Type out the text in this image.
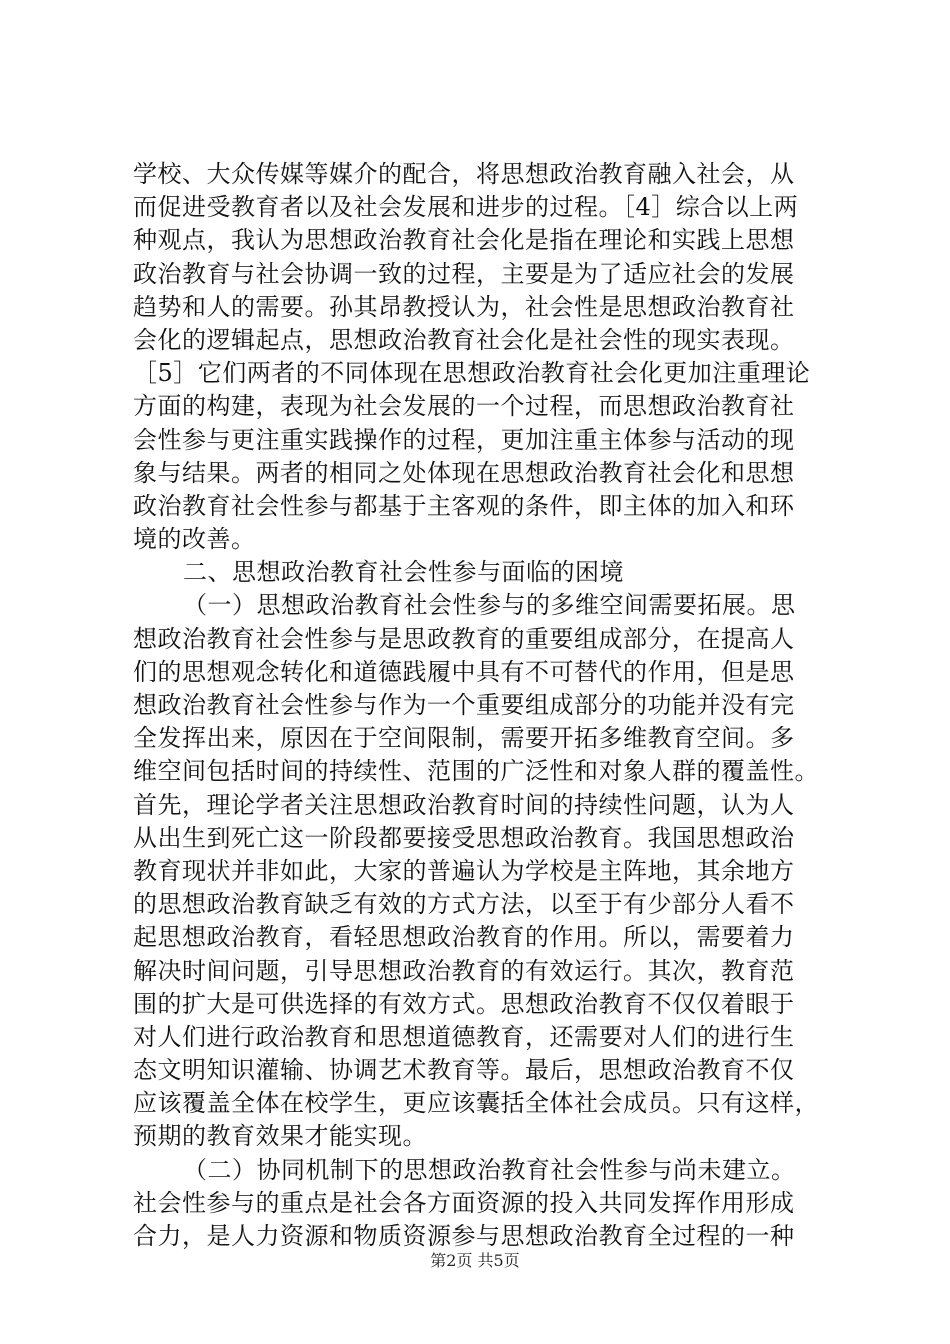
学校、大众传媒等媒介的配合，将思想政治教育融入社会，从
而促进受教育者以及社会发展和进步的过程。［4］综合以上两
种观点，我认为思想政治教育社会化是指在理论和实践上思想
政治教育与社会协调一致的过程，主要是为了适应社会的发展
趋势和人的需要。孙其昂教授认为，社会性是思想政治教育社
会化的逻辑起点，思想政治教育社会化是社会性的现实表现。
［5］它们两者的不同体现在思想政治教育社会化更加注重理论
方面的构建，表现为社会发展的一个过程，而思想政治教育社
会性参与更注重实践操作的过程，更加注重主体参与活动的现
象与结果。两者的相同之处体现在思想政治教育社会化和思想
政治教育社会性参与都基于主客观的条件，即主体的加入和环
境的改善。
二、思想政治教育社会性参与面临的困境
（一）思想政治教育社会性参与的多维空间需要拓展。思
想政治教育社会性参与是思政教育的重要组成部分，在提高人
们的思想观念转化和道德践履中具有不可替代的作用，但是思
想政治教育社会性参与作为一个重要组成部分的功能并没有完
全发挥出来，原因在于空间限制，需要开拓多维教育空间。多
维空间包括时间的持续性、范围的广泛性和对象人群的覆盖性。
首先，理论学者关注思想政治教育时间的持续性问题，认为人
从出生到死亡这一阶段都要接受思想政治教育。我国思想政治
教育现状并非如此，大家的普遍认为学校是主阵地，其余地方
的思想政治教育缺乏有效的方式方法，以至于有少部分人看不
起思想政治教育，看轻思想政治教育的作用。所以，需要着力
解决时间问题，引导思想政治教育的有效运行。其次，教育范
围的扩大是可供选择的有效方式。思想政治教育不仅仅着眼于
对人们进行政治教育和思想道德教育，还需要对人们的进行生
态文明知识灌输、协调艺术教育等。最后，思想政治教育不仅
应该覆盖全体在校学生，更应该囊括全体社会成员。只有这样，
预期的教育效果才能实现。
（二）协同机制下的思想政治教育社会性参与尚未建立。
社会性参与的重点是社会各方面资源的投入共同发挥作用形成
合力，是人力资源和物质资源参与思想政治教育全过程的一种
第2页 共5页
